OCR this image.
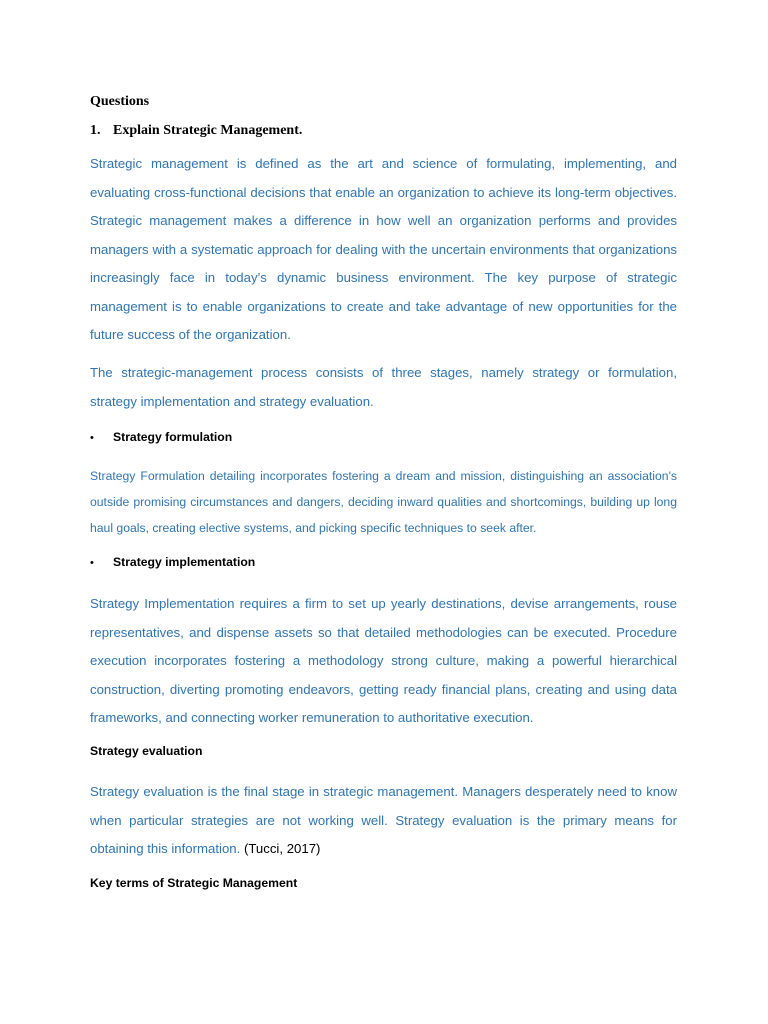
Questions
1. Explain Strategic Management.

Strategic management is defined as the art and science of formulating, implementing, and evaluating cross-functional decisions that enable an organization to achieve its long-term objectives. Strategic management makes a difference in how well an organization performs and provides managers with a systematic approach for dealing with the uncertain environments that organizations increasingly face in today’s dynamic business environment. The key purpose of strategic management is to enable organizations to create and take advantage of new opportunities for the future success of the organization.

The strategic-management process consists of three stages, namely strategy or formulation, strategy implementation and strategy evaluation.

• Strategy formulation

Strategy Formulation detailing incorporates fostering a dream and mission, distinguishing an association's outside promising circumstances and dangers, deciding inward qualities and shortcomings, building up long haul goals, creating elective systems, and picking specific techniques to seek after.

• Strategy implementation

Strategy Implementation requires a firm to set up yearly destinations, devise arrangements, rouse representatives, and dispense assets so that detailed methodologies can be executed. Procedure execution incorporates fostering a methodology strong culture, making a powerful hierarchical construction, diverting promoting endeavors, getting ready financial plans, creating and using data frameworks, and connecting worker remuneration to authoritative execution.

Strategy evaluation

Strategy evaluation is the final stage in strategic management. Managers desperately need to know when particular strategies are not working well. Strategy evaluation is the primary means for obtaining this information. (Tucci, 2017)

Key terms of Strategic Management
